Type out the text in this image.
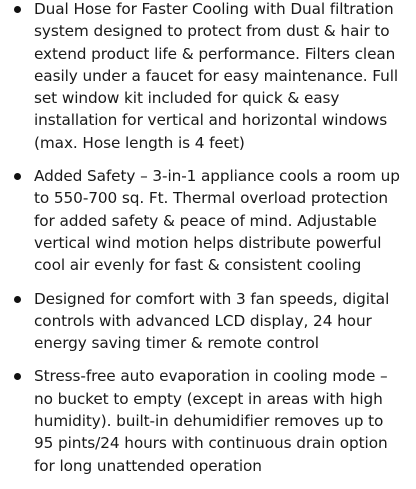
Dual Hose for Faster Cooling with Dual filtration system designed to protect from dust & hair to extend product life & performance. Filters clean easily under a faucet for easy maintenance. Full set window kit included for quick & easy installation for vertical and horizontal windows (max. Hose length is 4 feet)
Added Safety – 3-in-1 appliance cools a room up to 550-700 sq. Ft. Thermal overload protection for added safety & peace of mind. Adjustable vertical wind motion helps distribute powerful cool air evenly for fast & consistent cooling
Designed for comfort with 3 fan speeds, digital controls with advanced LCD display, 24 hour energy saving timer & remote control
Stress-free auto evaporation in cooling mode – no bucket to empty (except in areas with high humidity). built-in dehumidifier removes up to 95 pints/24 hours with continuous drain option for long unattended operation
